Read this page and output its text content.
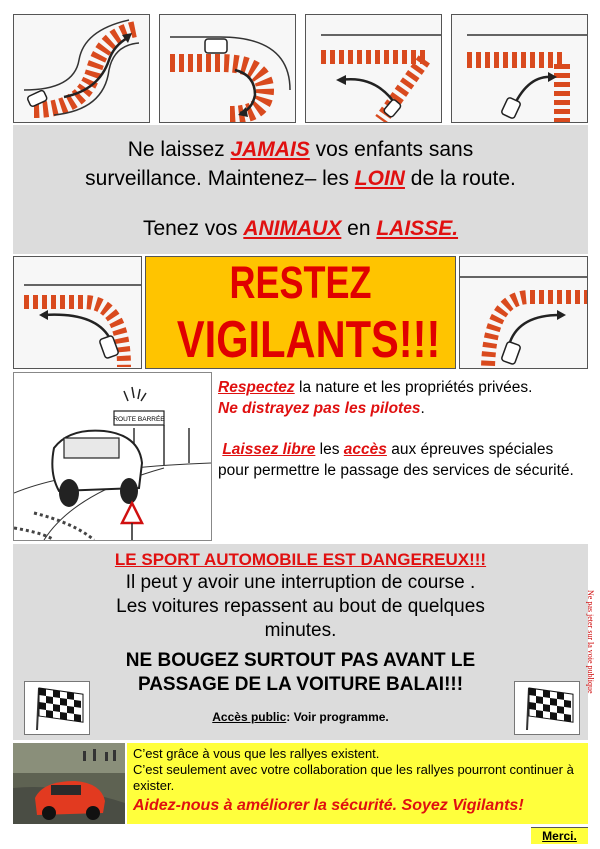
Ne laissez JAMAIS vos enfants sans
surveillance. Maintenez– les LOIN de la route.
Tenez vos ANIMAUX en LAISSE.
RESTEZ
VIGILANTS!!!
ROUTE BARRÉE
Respectez la nature et les propriétés privées.
Ne distrayez pas les pilotes.
Laissez libre les accès aux épreuves spéciales pour permettre le passage des services de sécurité.
LE SPORT AUTOMOBILE EST DANGEREUX!!!
Il peut y avoir une interruption de course .
Les voitures repassent au bout de quelques
minutes.
NE BOUGEZ SURTOUT PAS AVANT LE
PASSAGE DE LA VOITURE BALAI!!!
Accès public: Voir programme.
Ne pas jeter sur la voie publique
C’est grâce à vous que les rallyes existent.
C’est seulement avec votre collaboration que les rallyes pourront continuer à exister.
Aidez-nous à améliorer la sécurité. Soyez Vigilants!
Merci.
